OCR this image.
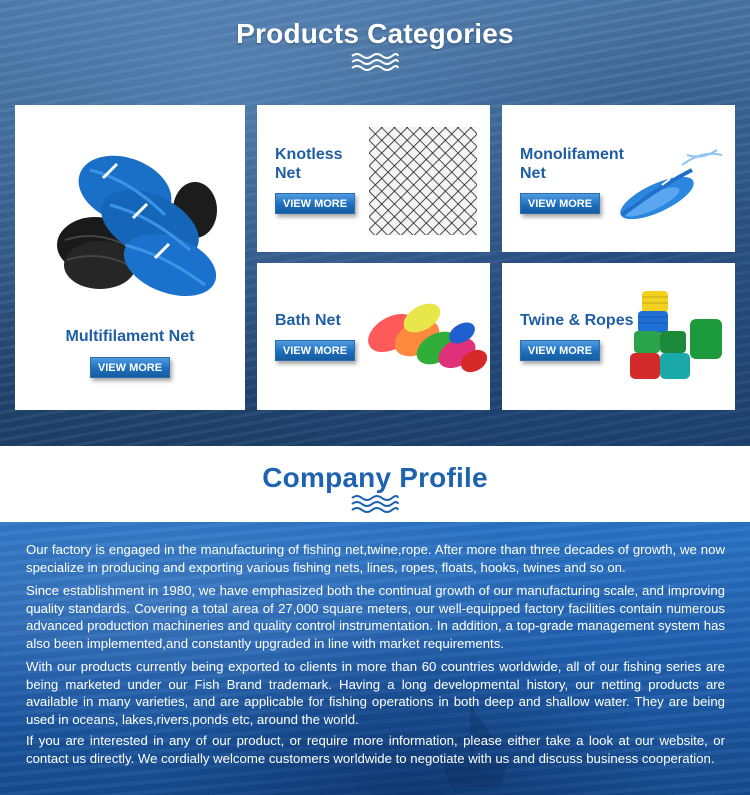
Products Categories
Multifilament Net
VIEW MORE
Knotless Net
VIEW MORE
Monolifament Net
VIEW MORE
Bath Net
VIEW MORE
Twine & Ropes
VIEW MORE
Company Profile

Our factory is engaged in the manufacturing of fishing net,twine,rope. After more than three decades of growth, we now specialize in producing and exporting various fishing nets, lines, ropes, floats, hooks, twines and so on.

Since establishment in 1980, we have emphasized both the continual growth of our manufacturing scale, and improving quality standards. Covering a total area of 27,000 square meters, our well-equipped factory facilities contain numerous advanced production machineries and quality control instrumentation. In addition, a top-grade management system has also been implemented,and constantly upgraded in line with market requirements.

With our products currently being exported to clients in more than 60 countries worldwide, all of our fishing series are being marketed under our Fish Brand trademark. Having a long developmental history, our netting products are available in many varieties, and are applicable for fishing operations in both deep and shallow water. They are being used in oceans, lakes,rivers,ponds etc, around the world.

If you are interested in any of our product, or require more information, please either take a look at our website, or contact us directly. We cordially welcome customers worldwide to negotiate with us and discuss business cooperation.
